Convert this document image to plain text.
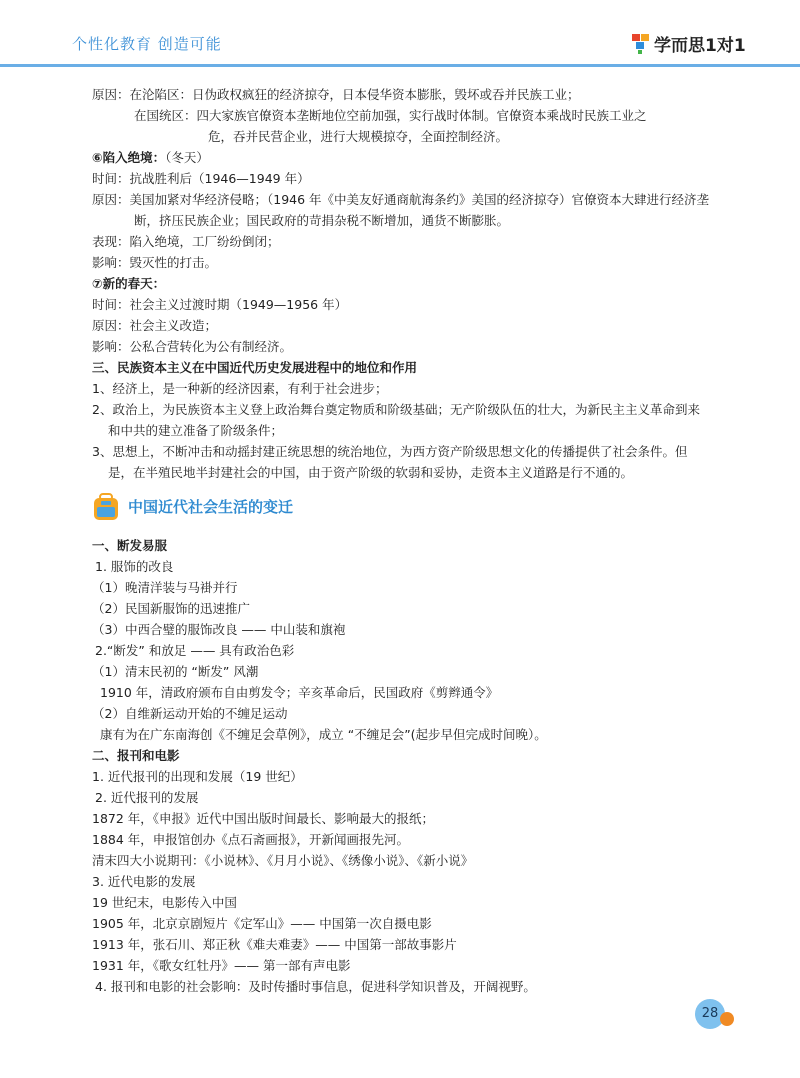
个性化教育 创造可能	学而思1对1
原因：在沦陷区：日伪政权疯狂的经济掠夺，日本侵华资本膨胀，毁坏或吞并民族工业；
在国统区：四大家族官僚资本垄断地位空前加强，实行战时体制。官僚资本乘战时民族工业之
危，吞并民营企业，进行大规模掠夺，全面控制经济。
⑥陷入绝境：（冬天）
时间：抗战胜利后（1946—1949 年）
原因：美国加紧对华经济侵略；（1946 年《中美友好通商航海条约》美国的经济掠夺）官僚资本大肆进行经济垄断，挤压民族企业；国民政府的苛捐杂税不断增加，通货不断膨胀。
表现：陷入绝境，工厂纷纷倒闭；
影响：毁灭性的打击。
⑦新的春天：
时间：社会主义过渡时期（1949—1956 年）
原因：社会主义改造；
影响：公私合营转化为公有制经济。
三、民族资本主义在中国近代历史发展进程中的地位和作用
1、经济上，是一种新的经济因素，有利于社会进步；
2、政治上，为民族资本主义登上政治舞台奠定物质和阶级基础；无产阶级队伍的壮大，为新民主主义革命到来和中共的建立准备了阶级条件；
3、思想上，不断冲击和动摇封建正统思想的统治地位，为西方资产阶级思想文化的传播提供了社会条件。但是，在半殖民地半封建社会的中国，由于资产阶级的软弱和妥协，走资本主义道路是行不通的。
中国近代社会生活的变迁
一、断发易服
1. 服饰的改良
（1）晚清洋装与马褂并行
（2）民国新服饰的迅速推广
（3）中西合璧的服饰改良 —— 中山装和旗袍
2.“断发” 和放足 —— 具有政治色彩
（1）清末民初的 “断发” 风潮
1910 年，清政府颁布自由剪发令；辛亥革命后，民国政府《剪辫通令》
（2）自维新运动开始的不缠足运动
康有为在广东南海创《不缠足会草例》，成立 “不缠足会”(起步早但完成时间晚）。
二、报刊和电影
1. 近代报刊的出现和发展（19 世纪）
2. 近代报刊的发展
1872 年，《申报》近代中国出版时间最长、影响最大的报纸；
1884 年，申报馆创办《点石斋画报》，开新闻画报先河。
清末四大小说期刊：《小说林》、《月月小说》、《绣像小说》、《新小说》
3. 近代电影的发展
19 世纪末，电影传入中国
1905 年，北京京剧短片《定军山》—— 中国第一次自摄电影
1913 年，张石川、郑正秋《难夫难妻》—— 中国第一部故事影片
1931 年，《歌女红牡丹》—— 第一部有声电影
4. 报刊和电影的社会影响：及时传播时事信息，促进科学知识普及，开阔视野。
28
